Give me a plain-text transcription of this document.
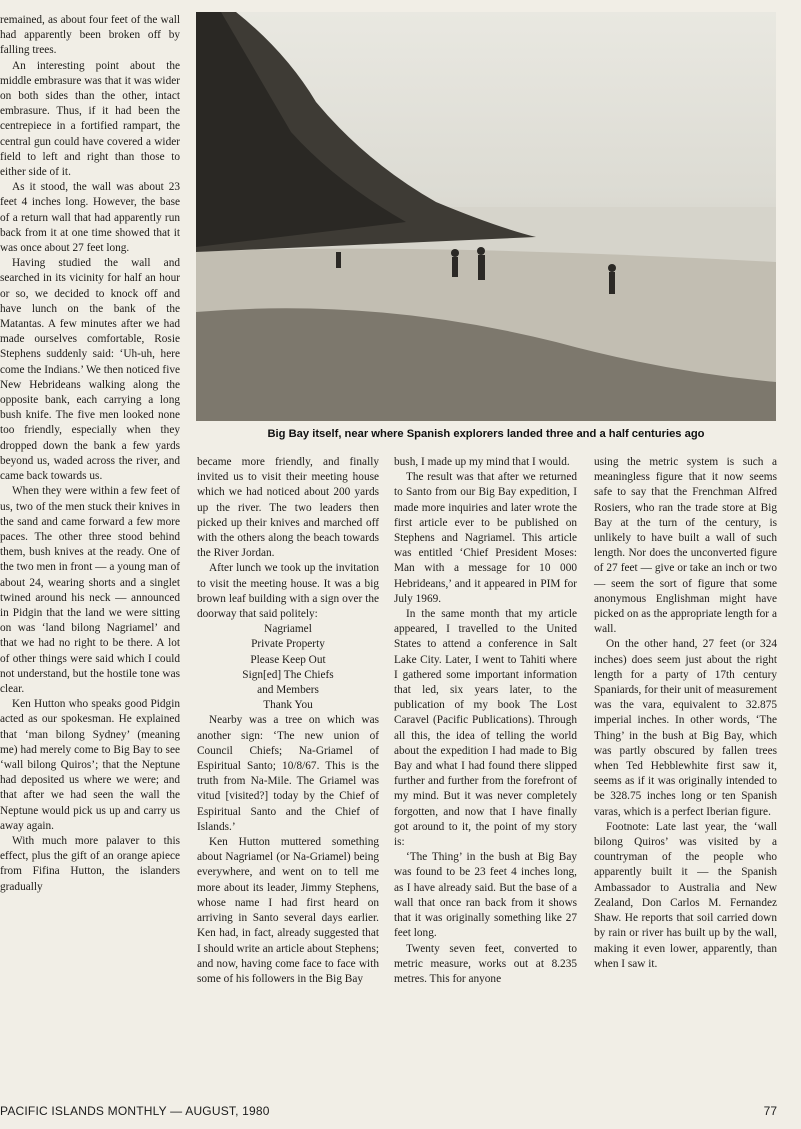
remained, as about four feet of the wall had apparently been broken off by falling trees.

An interesting point about the middle embrasure was that it was wider on both sides than the other, intact embrasure. Thus, if it had been the centrepiece in a fortified rampart, the central gun could have covered a wider field to left and right than those to either side of it.

As it stood, the wall was about 23 feet 4 inches long. However, the base of a return wall that had apparently run back from it at one time showed that it was once about 27 feet long.

Having studied the wall and searched in its vicinity for half an hour or so, we decided to knock off and have lunch on the bank of the Matantas. A few minutes after we had made ourselves comfortable, Rosie Stephens suddenly said: ‘Uh-uh, here come the Indians.’ We then noticed five New Hebrideans walking along the opposite bank, each carrying a long bush knife. The five men looked none too friendly, especially when they dropped down the bank a few yards beyond us, waded across the river, and came back towards us.

When they were within a few feet of us, two of the men stuck their knives in the sand and came forward a few more paces. The other three stood behind them, bush knives at the ready. One of the two men in front — a young man of about 24, wearing shorts and a singlet twined around his neck — announced in Pidgin that the land we were sitting on was ‘land bilong Nagriamel’ and that we had no right to be there. A lot of other things were said which I could not understand, but the hostile tone was clear.

Ken Hutton who speaks good Pidgin acted as our spokesman. He explained that ‘man bilong Sydney’ (meaning me) had merely come to Big Bay to see ‘wall bilong Quiros’; that the Neptune had deposited us where we were; and that after we had seen the wall the Neptune would pick us up and carry us away again.

With much more palaver to this effect, plus the gift of an orange apiece from Fifina Hutton, the islanders gradually

Big Bay itself, near where Spanish explorers landed three and a half centuries ago

became more friendly, and finally invited us to visit their meeting house which we had noticed about 200 yards up the river. The two leaders then picked up their knives and marched off with the others along the beach towards the River Jordan.

After lunch we took up the invitation to visit the meeting house. It was a big brown leaf building with a sign over the doorway that said politely:

Nagriamel

Private Property

Please Keep Out

Sign[ed] The Chiefs

and Members

Thank You

Nearby was a tree on which was another sign: ‘The new union of Council Chiefs; Na-Griamel of Espiritual Santo; 10/8/67. This is the truth from Na-Mile. The Griamel was vitud [visited?] today by the Chief of Espiritual Santo and the Chief of Islands.’

Ken Hutton muttered something about Nagriamel (or Na-Griamel) being everywhere, and went on to tell me more about its leader, Jimmy Stephens, whose name I had first heard on arriving in Santo several days earlier. Ken had, in fact, already suggested that I should write an article about Stephens; and now, having come face to face with some of his followers in the Big Bay

bush, I made up my mind that I would.

The result was that after we returned to Santo from our Big Bay expedition, I made more inquiries and later wrote the first article ever to be published on Stephens and Nagriamel. This article was entitled ‘Chief President Moses: Man with a message for 10 000 Hebrideans,’ and it appeared in PIM for July 1969.

In the same month that my article appeared, I travelled to the United States to attend a conference in Salt Lake City. Later, I went to Tahiti where I gathered some important information that led, six years later, to the publication of my book The Lost Caravel (Pacific Publications). Through all this, the idea of telling the world about the expedition I had made to Big Bay and what I had found there slipped further and further from the forefront of my mind. But it was never completely forgotten, and now that I have finally got around to it, the point of my story is:

‘The Thing’ in the bush at Big Bay was found to be 23 feet 4 inches long, as I have already said. But the base of a wall that once ran back from it shows that it was originally something like 27 feet long.

Twenty seven feet, converted to metric measure, works out at 8.235 metres. This for anyone

using the metric system is such a meaningless figure that it now seems safe to say that the Frenchman Alfred Rosiers, who ran the trade store at Big Bay at the turn of the century, is unlikely to have built a wall of such length. Nor does the unconverted figure of 27 feet — give or take an inch or two — seem the sort of figure that some anonymous Englishman might have picked on as the appropriate length for a wall.

On the other hand, 27 feet (or 324 inches) does seem just about the right length for a party of 17th century Spaniards, for their unit of measurement was the vara, equivalent to 32.875 imperial inches. In other words, ‘The Thing’ in the bush at Big Bay, which was partly obscured by fallen trees when Ted Hebblewhite first saw it, seems as if it was originally intended to be 328.75 inches long or ten Spanish varas, which is a perfect Iberian figure.

Footnote: Late last year, the ‘wall bilong Quiros’ was visited by a countryman of the people who apparently built it — the Spanish Ambassador to Australia and New Zealand, Don Carlos M. Fernandez Shaw. He reports that soil carried down by rain or river has built up by the wall, making it even lower, apparently, than when I saw it.

PACIFIC ISLANDS MONTHLY — AUGUST, 1980	77
